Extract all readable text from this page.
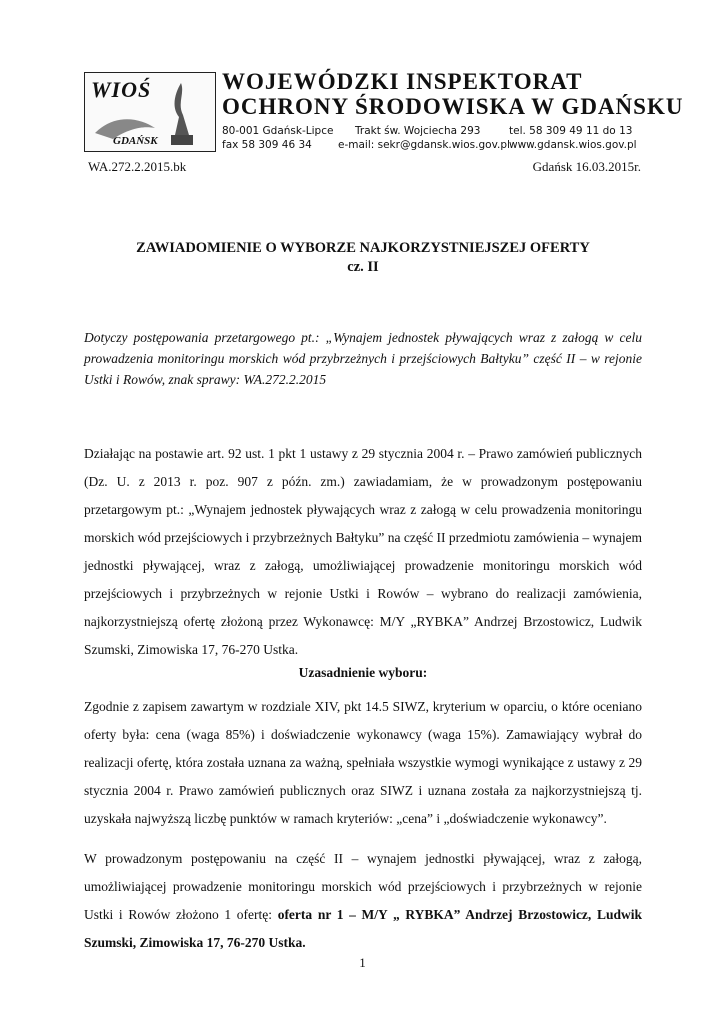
WIOŚ
GDAŃSK
WOJEWÓDZKI INSPEKTORAT
OCHRONY ŚRODOWISKA W GDAŃSKU
80-001 Gdańsk-Lipce
fax 58 309 46 34
Trakt św. Wojciecha 293
e-mail: sekr@gdansk.wios.gov.pl
tel. 58 309 49 11 do 13
www.gdansk.wios.gov.pl
WA.272.2.2015.bk	Gdańsk 16.03.2015r.
ZAWIADOMIENIE O WYBORZE NAJKORZYSTNIEJSZEJ OFERTY
cz. II
Dotyczy postępowania przetargowego pt.: „Wynajem jednostek pływających wraz z załogą w celu prowadzenia monitoringu morskich wód przybrzeżnych i przejściowych Bałtyku” część II – w rejonie Ustki i Rowów, znak sprawy: WA.272.2.2015
Działając na postawie art. 92 ust. 1 pkt 1 ustawy z 29 stycznia 2004 r. – Prawo zamówień publicznych (Dz. U. z 2013 r. poz. 907 z późn. zm.) zawiadamiam, że w prowadzonym postępowaniu przetargowym pt.: „Wynajem jednostek pływających wraz z załogą w celu prowadzenia monitoringu morskich wód przejściowych i przybrzeżnych Bałtyku” na część II przedmiotu zamówienia – wynajem jednostki pływającej, wraz z załogą, umożliwiającej prowadzenie monitoringu morskich wód przejściowych i przybrzeżnych w rejonie Ustki i Rowów – wybrano do realizacji zamówienia, najkorzystniejszą ofertę złożoną przez Wykonawcę: M/Y „RYBKA” Andrzej Brzostowicz, Ludwik Szumski, Zimowiska 17, 76-270 Ustka.
Uzasadnienie wyboru:
Zgodnie z zapisem zawartym w rozdziale XIV, pkt 14.5 SIWZ, kryterium w oparciu, o które oceniano oferty była: cena (waga 85%) i doświadczenie wykonawcy (waga 15%). Zamawiający wybrał do realizacji ofertę, która została uznana za ważną, spełniała wszystkie wymogi wynikające z ustawy z 29 stycznia 2004 r. Prawo zamówień publicznych oraz SIWZ i uznana została za najkorzystniejszą tj. uzyskała najwyższą liczbę punktów w ramach kryteriów: „cena” i „doświadczenie wykonawcy”.
W prowadzonym postępowaniu na część II – wynajem jednostki pływającej, wraz z załogą, umożliwiającej prowadzenie monitoringu morskich wód przejściowych i przybrzeżnych w rejonie Ustki i Rowów złożono 1 ofertę: oferta nr 1 – M/Y „ RYBKA” Andrzej Brzostowicz, Ludwik Szumski, Zimowiska 17, 76-270 Ustka.
1
